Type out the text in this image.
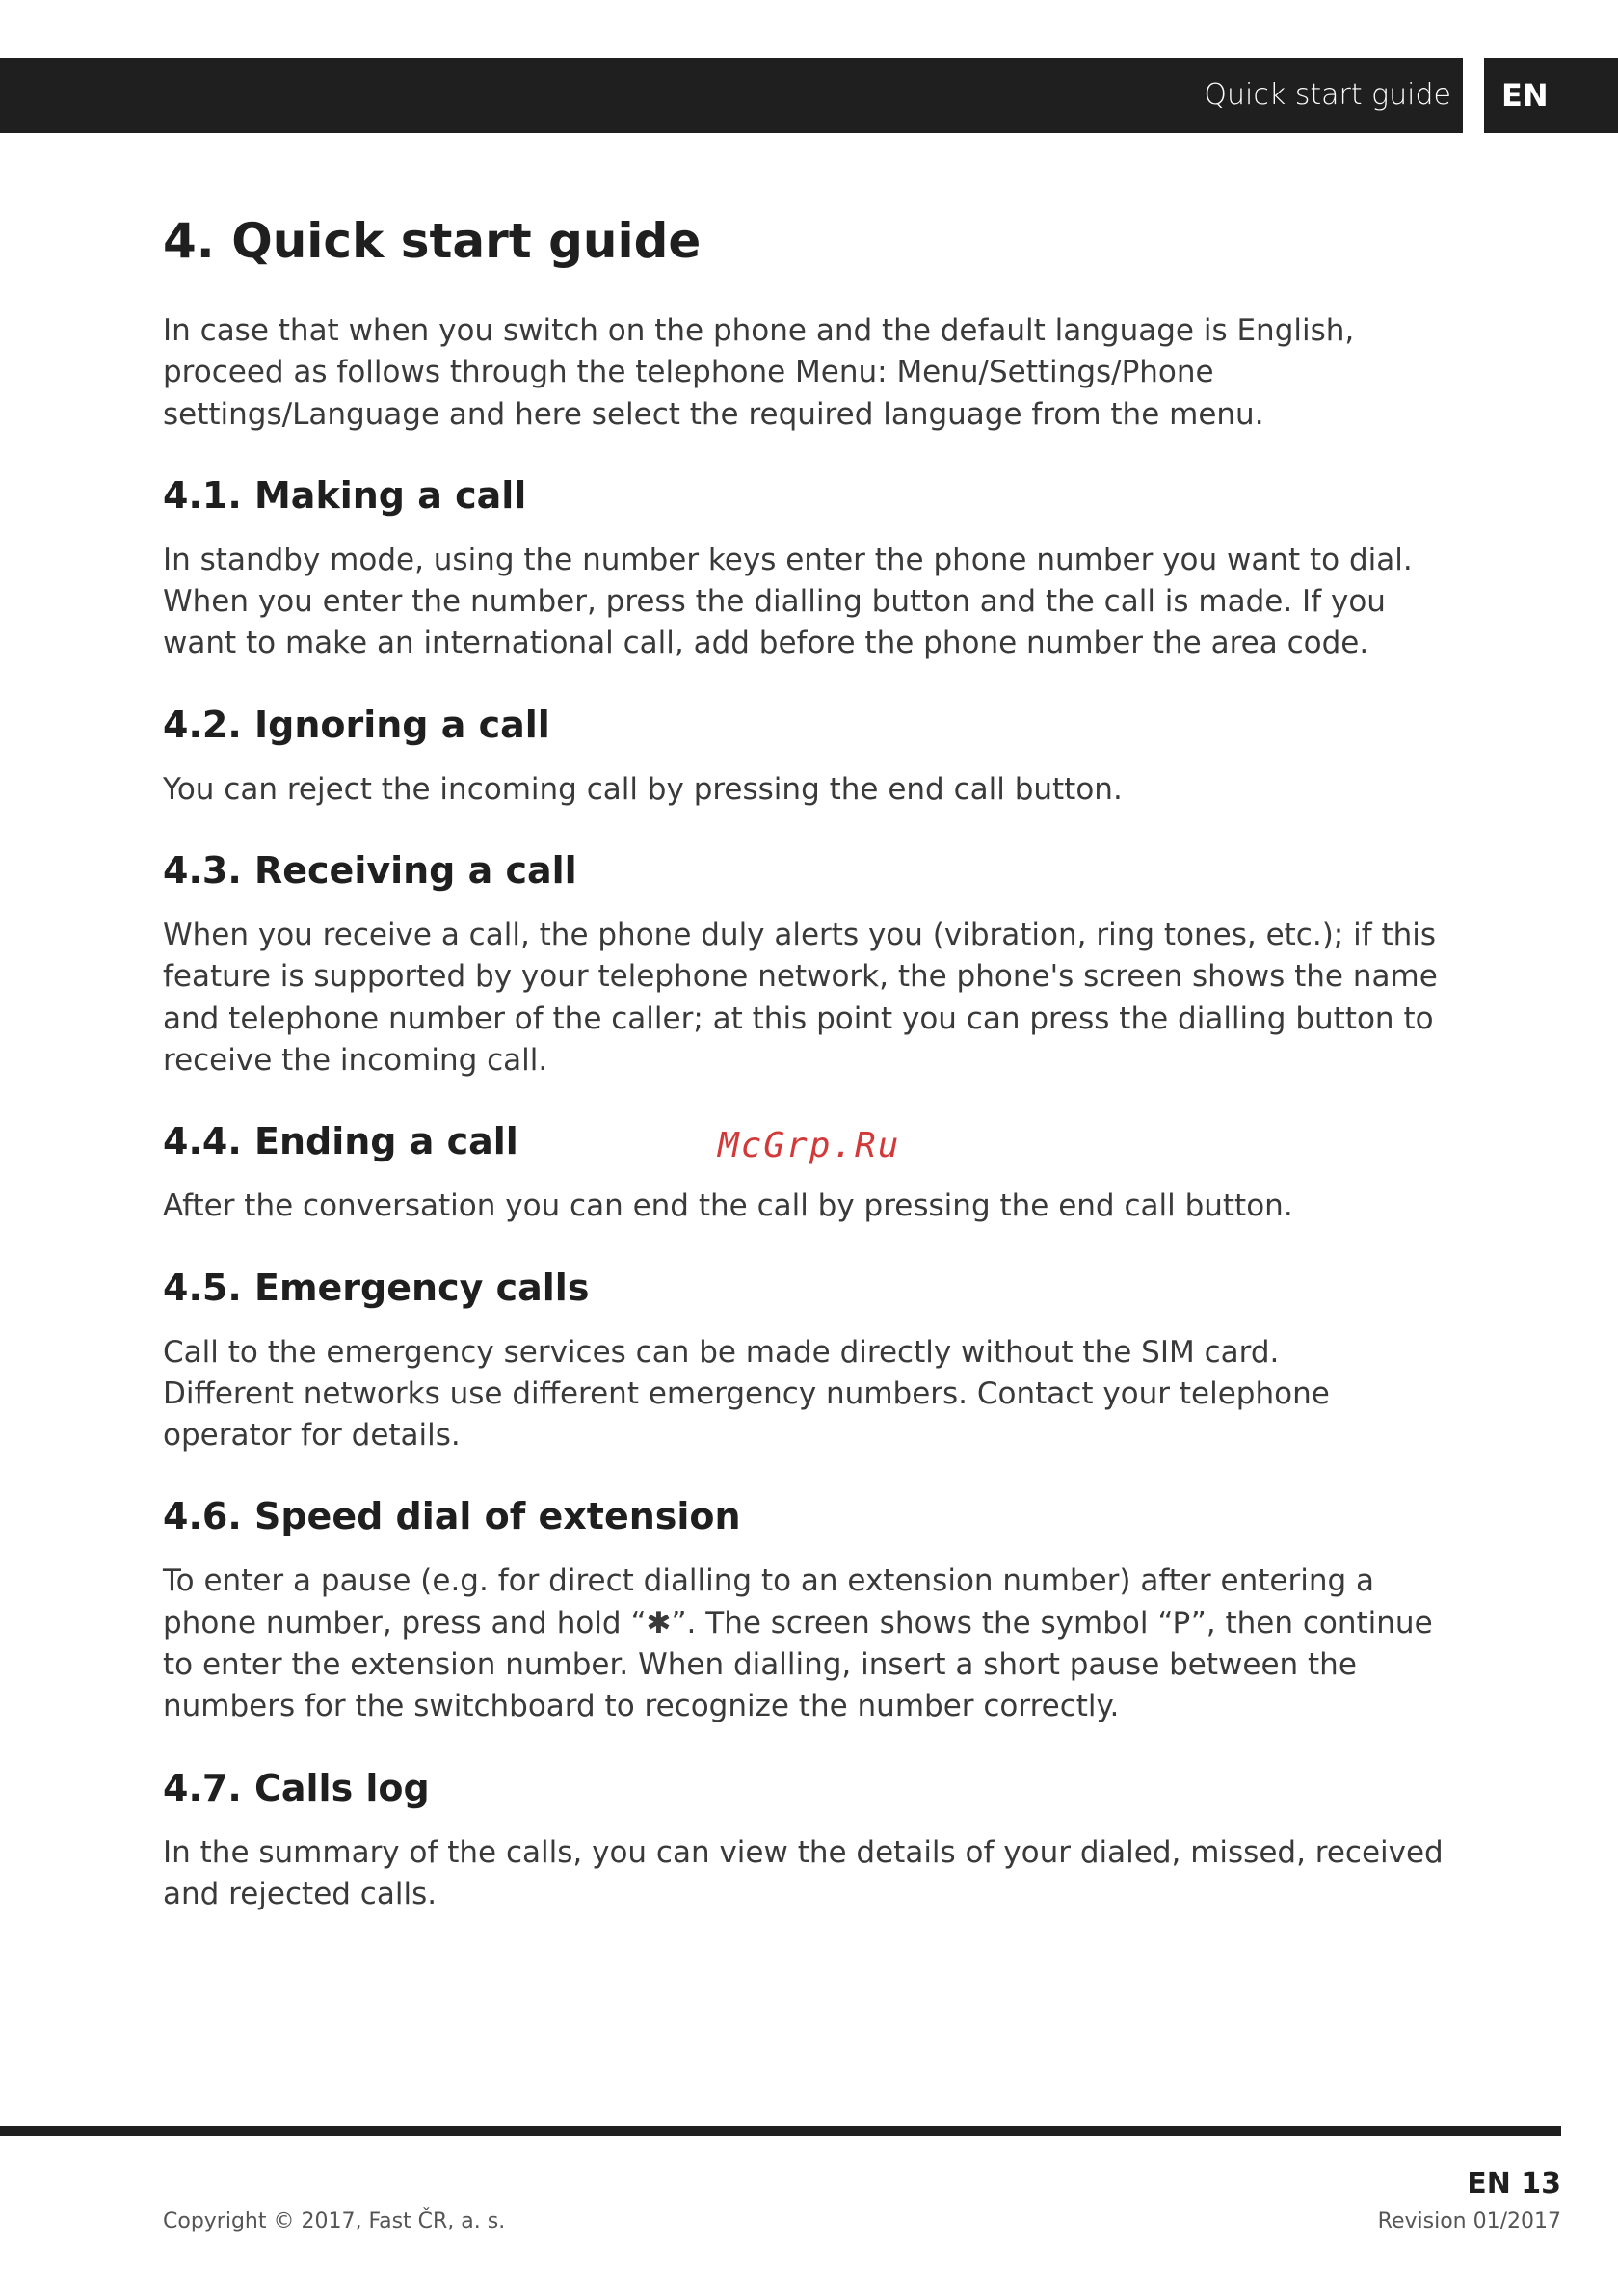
Quick start guide	EN
4. Quick start guide

In case that when you switch on the phone and the default language is English, proceed as follows through the telephone Menu: Menu/Settings/Phone settings/Language and here select the required language from the menu.

4.1. Making a call

In standby mode, using the number keys enter the phone number you want to dial. When you enter the number, press the dialling button and the call is made. If you want to make an international call, add before the phone number the area code.

4.2. Ignoring a call

You can reject the incoming call by pressing the end call button.

4.3. Receiving a call

When you receive a call, the phone duly alerts you (vibration, ring tones, etc.); if this feature is supported by your telephone network, the phone's screen shows the name and telephone number of the caller; at this point you can press the dialling button to receive the incoming call.

4.4. Ending a call

After the conversation you can end the call by pressing the end call button.

4.5. Emergency calls

Call to the emergency services can be made directly without the SIM card.

Different networks use different emergency numbers. Contact your telephone operator for details.

4.6. Speed dial of extension

To enter a pause (e.g. for direct dialling to an extension number) after entering a phone number, press and hold “✱”. The screen shows the symbol “P”, then continue to enter the extension number. When dialling, insert a short pause between the numbers for the switchboard to recognize the number correctly.

4.7. Calls log

In the summary of the calls, you can view the details of your dialed, missed, received and rejected calls.

McGrp.Ru
EN 13
Copyright © 2017, Fast ČR, a. s.	Revision 01/2017
